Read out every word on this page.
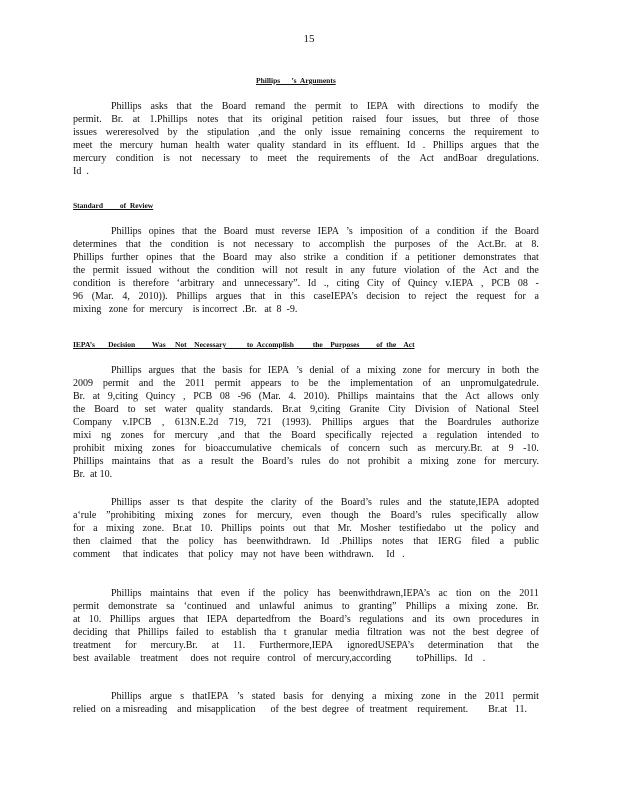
15
Phillips      ’s  Arguments
Phillips asks that the Board remand the permit to IEPA with directions to modify the
permit. Br. at 1.Phillips notes that its original petition raised four issues, but three of those
issues wereresolved by the stipulation ,and the only issue remaining concerns the requirement to
meet the mercury human health water quality standard in its effluent. Id . Phillips argues that the
mercury condition is not necessary to meet the requirements of the Act andBoar dregulations.
Id  .
Standard         of  Review
Phillips opines that the Board must reverse IEPA ’s imposition of a condition if the Board
determines that the condition is not necessary to accomplish the purposes of the Act.Br. at 8.
Phillips further opines that the Board may also strike a condition if a petitioner demonstrates that
the permit issued without the condition will not result in any future violation of the Act and the
condition is therefore ‘arbitrary and unnecessary”. Id ., citing City of Quincy v.IEPA , PCB 08 -
96 (Mar. 4, 2010)). Phillips argues that in this caseIEPA’s decision to reject the request for a
mixing   zone  for  mercury    is incorrect  .Br.   at  8  -9.
IEPA’s       Decision         Was     Not    Necessary           to  Accomplish          the    Purposes         of  the    Act
Phillips argues that the basis for IEPA ’s denial of a mixing zone for mercury in both the
2009 permit and the 2011 permit appears to be the implementation of an unpromulgatedrule.
Br. at 9,citing Quincy , PCB 08 -96 (Mar. 4. 2010). Phillips maintains that the Act allows only
the Board to set water quality standards. Br.at 9,citing Granite City Division of National Steel
Company v.IPCB , 613N.E.2d 719, 721 (1993). Phillips argues that the Boardrules authorize
mixi ng zones for mercury ,and that the Board specifically rejected a regulation intended to
prohibit mixing zones for bioaccumulative chemicals of concern such as mercury.Br. at 9 -10.
Phillips maintains that as a result the Board’s rules do not prohibit a mixing zone for mercury.
Br.  at 10.
Phillips asser ts that despite the clarity of the Board’s rules and the statute,IEPA adopted
a‘rule ”prohibiting mixing zones for mercury, even though the Board’s rules specifically allow
for a mixing zone. Br.at 10. Phillips points out that Mr. Mosher testifiedabo ut the policy and
then claimed that the policy has beenwithdrawn. Id .Phillips notes that IERG filed a public
comment     that  indicates    that  policy   may  not  have  been  withdrawn.     Id   .
Phillips maintains that even if the policy has beenwithdrawn,IEPA’s ac tion on the 2011
permit demonstrate sa ‘continued and unlawful animus to granting” Phillips a mixing zone. Br.
at 10. Phillips argues that IEPA departedfrom the Board’s regulations and its own procedures in
deciding that Phillips failed to establish tha t granular media filtration was not the best degree of
treatment for mercury.Br. at 11. Furthermore,IEPA ignoredUSEPA’s determination that the
best  available    treatment     does  not  require   control   of  mercury,according          toPhillips.   Id    .
Phillips argue s thatIEPA ’s stated basis for denying a mixing zone in the 2011 permit
relied  on  a misreading    and  misapplication      of  the  best  degree   of  treatment    requirement.        Br.at   11.
